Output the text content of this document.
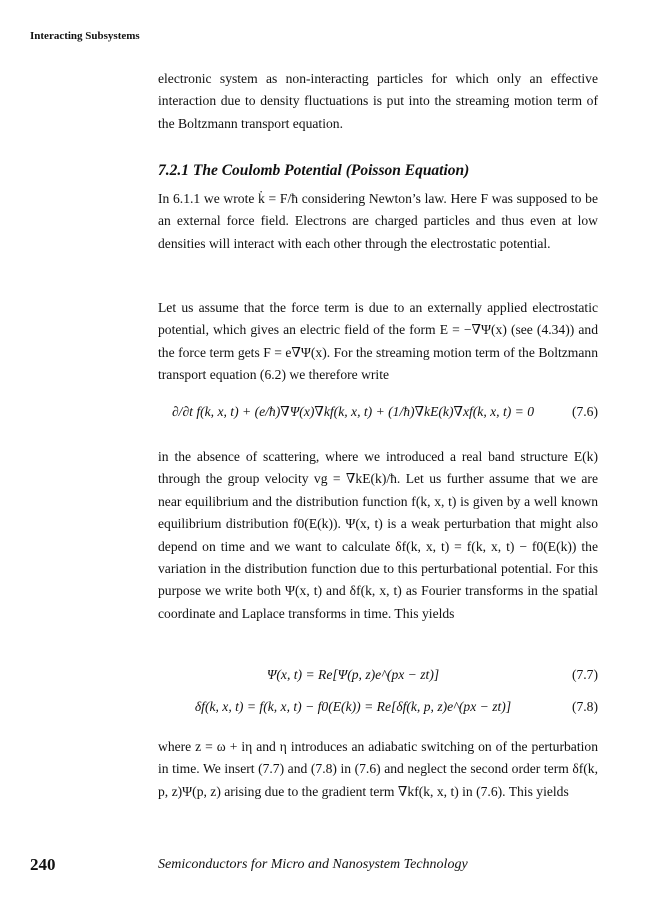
Interacting Subsystems

electronic system as non-interacting particles for which only an effective interaction due to density fluctuations is put into the streaming motion term of the Boltzmann transport equation.

7.2.1 The Coulomb Potential (Poisson Equation)

In 6.1.1 we wrote k̇ = F/ħ considering Newton’s law. Here F was supposed to be an external force field. Electrons are charged particles and thus even at low densities will interact with each other through the electrostatic potential.

Let us assume that the force term is due to an externally applied electrostatic potential, which gives an electric field of the form E = −∇Ψ(x) (see (4.34)) and the force term gets F = e∇Ψ(x). For the streaming motion term of the Boltzmann transport equation (6.2) we therefore write

∂/∂t f(k, x, t) + (e/ħ)∇Ψ(x)∇kf(k, x, t) + (1/ħ)∇kE(k)∇xf(k, x, t) = 0	(7.6)

in the absence of scattering, where we introduced a real band structure E(k) through the group velocity vg = ∇kE(k)/ħ. Let us further assume that we are near equilibrium and the distribution function f(k, x, t) is given by a well known equilibrium distribution f0(E(k)). Ψ(x, t) is a weak perturbation that might also depend on time and we want to calculate δf(k, x, t) = f(k, x, t) − f0(E(k)) the variation in the distribution function due to this perturbational potential. For this purpose we write both Ψ(x, t) and δf(k, x, t) as Fourier transforms in the spatial coordinate and Laplace transforms in time. This yields

Ψ(x, t) = Re[Ψ(p, z)e^(px − zt)]	(7.7)
δf(k, x, t) = f(k, x, t) − f0(E(k)) = Re[δf(k, p, z)e^(px − zt)]	(7.8)

where z = ω + iη and η introduces an adiabatic switching on of the perturbation in time. We insert (7.7) and (7.8) in (7.6) and neglect the second order term δf(k, p, z)Ψ(p, z) arising due to the gradient term ∇kf(k, x, t) in (7.6). This yields

240	Semiconductors for Micro and Nanosystem Technology
